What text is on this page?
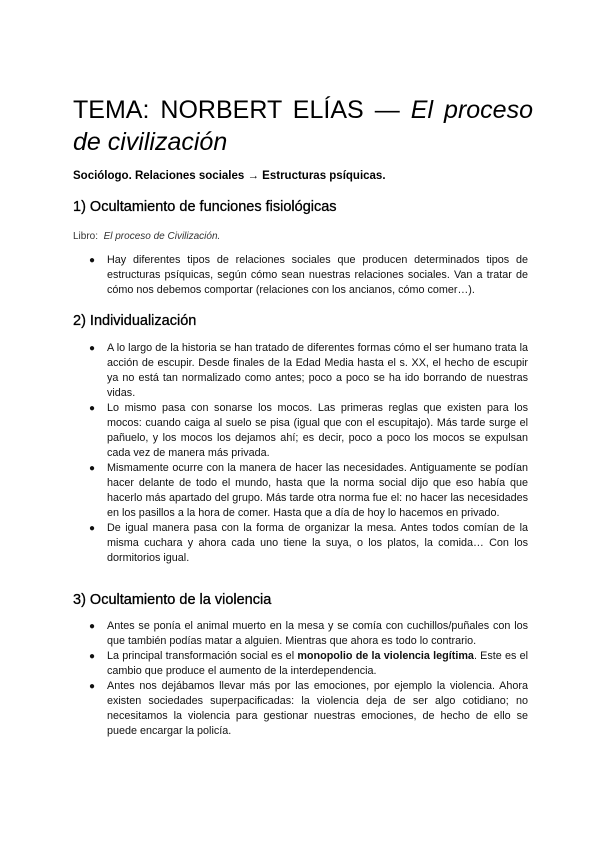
TEMA: NORBERT ELÍAS — El proceso de civilización

Sociólogo. Relaciones sociales → Estructuras psíquicas.

1) Ocultamiento de funciones fisiológicas

Libro: El proceso de Civilización.

● Hay diferentes tipos de relaciones sociales que producen determinados tipos de estructuras psíquicas, según cómo sean nuestras relaciones sociales. Van a tratar de cómo nos debemos comportar (relaciones con los ancianos, cómo comer…).
2) Individualización
● A lo largo de la historia se han tratado de diferentes formas cómo el ser humano trata la acción de escupir. Desde finales de la Edad Media hasta el s. XX, el hecho de escupir ya no está tan normalizado como antes; poco a poco se ha ido borrando de nuestras vidas.
● Lo mismo pasa con sonarse los mocos. Las primeras reglas que existen para los mocos: cuando caiga al suelo se pisa (igual que con el escupitajo). Más tarde surge el pañuelo, y los mocos los dejamos ahí; es decir, poco a poco los mocos se expulsan cada vez de manera más privada.
● Mismamente ocurre con la manera de hacer las necesidades. Antiguamente se podían hacer delante de todo el mundo, hasta que la norma social dijo que eso había que hacerlo más apartado del grupo. Más tarde otra norma fue el: no hacer las necesidades en los pasillos a la hora de comer. Hasta que a día de hoy lo hacemos en privado.
● De igual manera pasa con la forma de organizar la mesa. Antes todos comían de la misma cuchara y ahora cada uno tiene la suya, o los platos, la comida… Con los dormitorios igual.
3) Ocultamiento de la violencia
● Antes se ponía el animal muerto en la mesa y se comía con cuchillos/puñales con los que también podías matar a alguien. Mientras que ahora es todo lo contrario.
● La principal transformación social es el monopolio de la violencia legítima. Este es el cambio que produce el aumento de la interdependencia.
● Antes nos dejábamos llevar más por las emociones, por ejemplo la violencia. Ahora existen sociedades superpacificadas: la violencia deja de ser algo cotidiano; no necesitamos la violencia para gestionar nuestras emociones, de hecho de ello se puede encargar la policía.
